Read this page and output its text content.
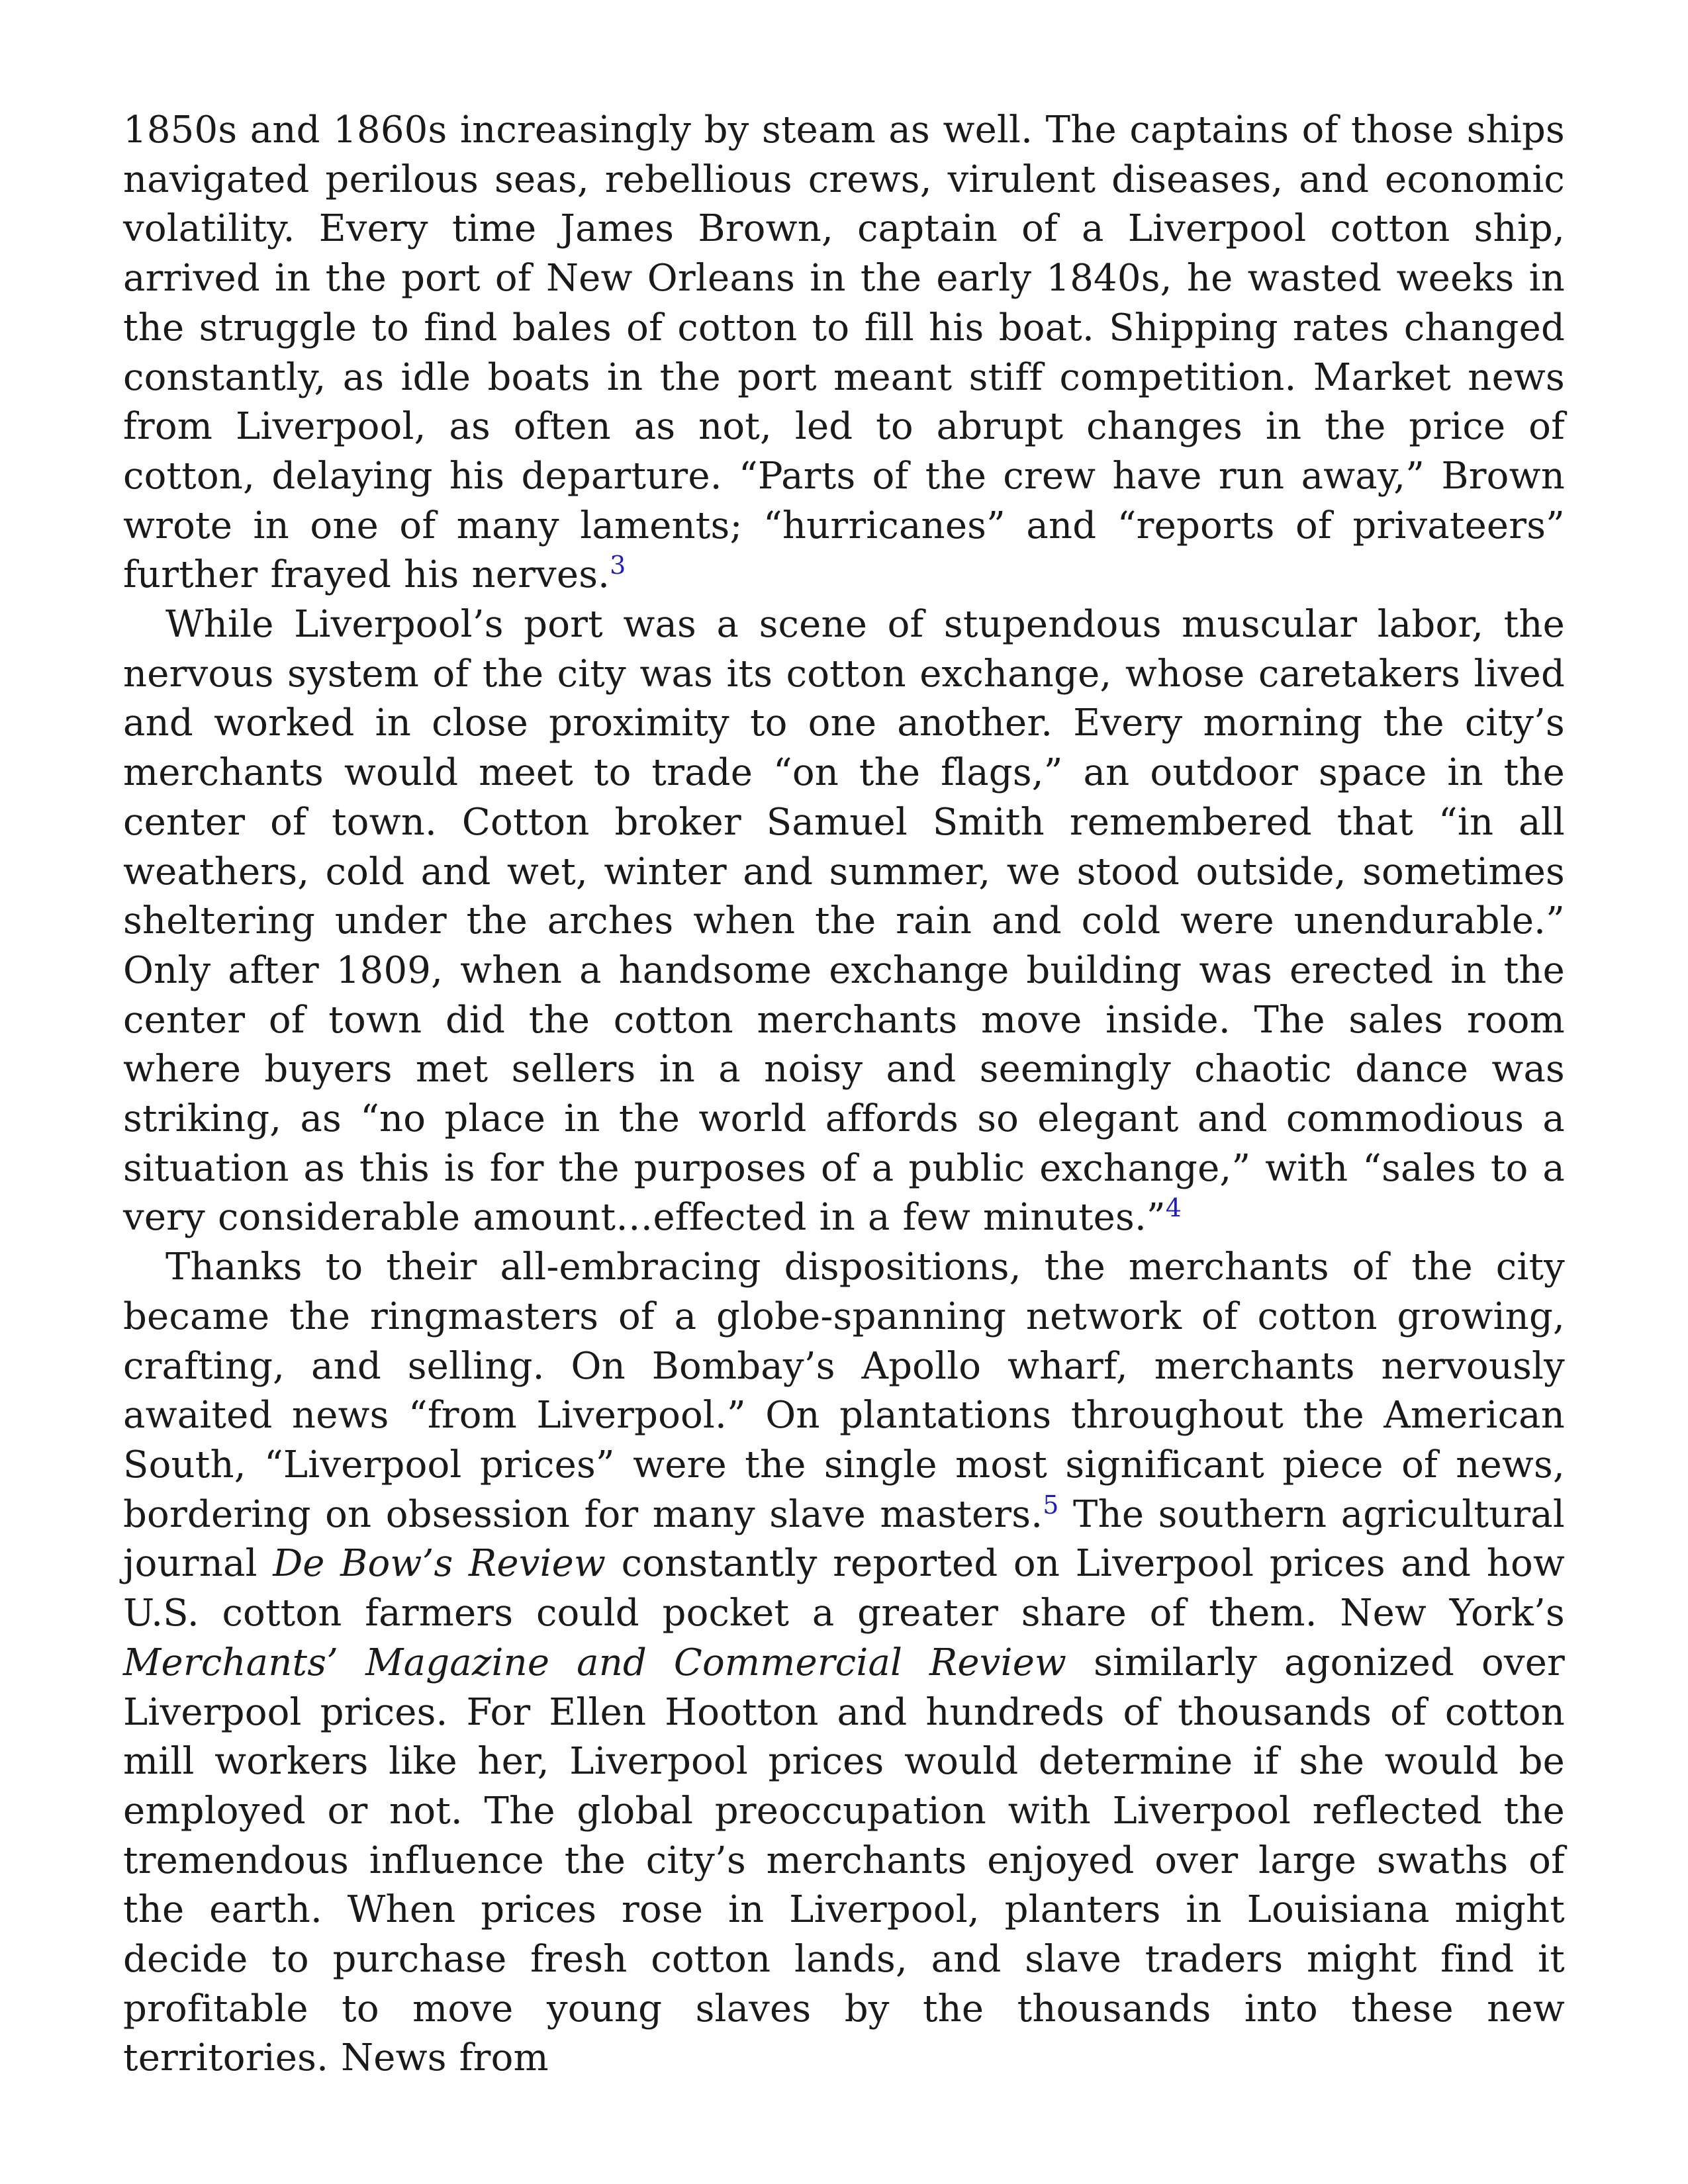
1850s and 1860s increasingly by steam as well. The captains of those ships navigated perilous seas, rebellious crews, virulent diseases, and economic volatility. Every time James Brown, captain of a Liverpool cotton ship, arrived in the port of New Orleans in the early 1840s, he wasted weeks in the struggle to find bales of cotton to fill his boat. Shipping rates changed constantly, as idle boats in the port meant stiff competition. Market news from Liverpool, as often as not, led to abrupt changes in the price of cotton, delaying his departure. “Parts of the crew have run away,” Brown wrote in one of many laments; “hurricanes” and “reports of privateers” further frayed his nerves.$^3$

While Liverpool’s port was a scene of stupendous muscular labor, the nervous system of the city was its cotton exchange, whose caretakers lived and worked in close proximity to one another. Every morning the city’s merchants would meet to trade “on the flags,” an outdoor space in the center of town. Cotton broker Samuel Smith remembered that “in all weathers, cold and wet, winter and summer, we stood outside, sometimes sheltering under the arches when the rain and cold were unendurable.” Only after 1809, when a handsome exchange building was erected in the center of town did the cotton merchants move inside. The sales room where buyers met sellers in a noisy and seemingly chaotic dance was striking, as “no place in the world affords so elegant and commodious a situation as this is for the purposes of a public exchange,” with “sales to a very considerable amount…effected in a few minutes.”$^4$

Thanks to their all-embracing dispositions, the merchants of the city became the ringmasters of a globe-spanning network of cotton growing, crafting, and selling. On Bombay’s Apollo wharf, merchants nervously awaited news “from Liverpool.” On plantations throughout the American South, “Liverpool prices” were the single most significant piece of news, bordering on obsession for many slave masters.$^5$ The southern agricultural journal De Bow’s Review constantly reported on Liverpool prices and how U.S. cotton farmers could pocket a greater share of them. New York’s Merchants’ Magazine and Commercial Review similarly agonized over Liverpool prices. For Ellen Hootton and hundreds of thousands of cotton mill workers like her, Liverpool prices would determine if she would be employed or not. The global preoccupation with Liverpool reflected the tremendous influence the city’s merchants enjoyed over large swaths of the earth. When prices rose in Liverpool, planters in Louisiana might decide to purchase fresh cotton lands, and slave traders might find it profitable to move young slaves by the thousands into these new territories. News from
